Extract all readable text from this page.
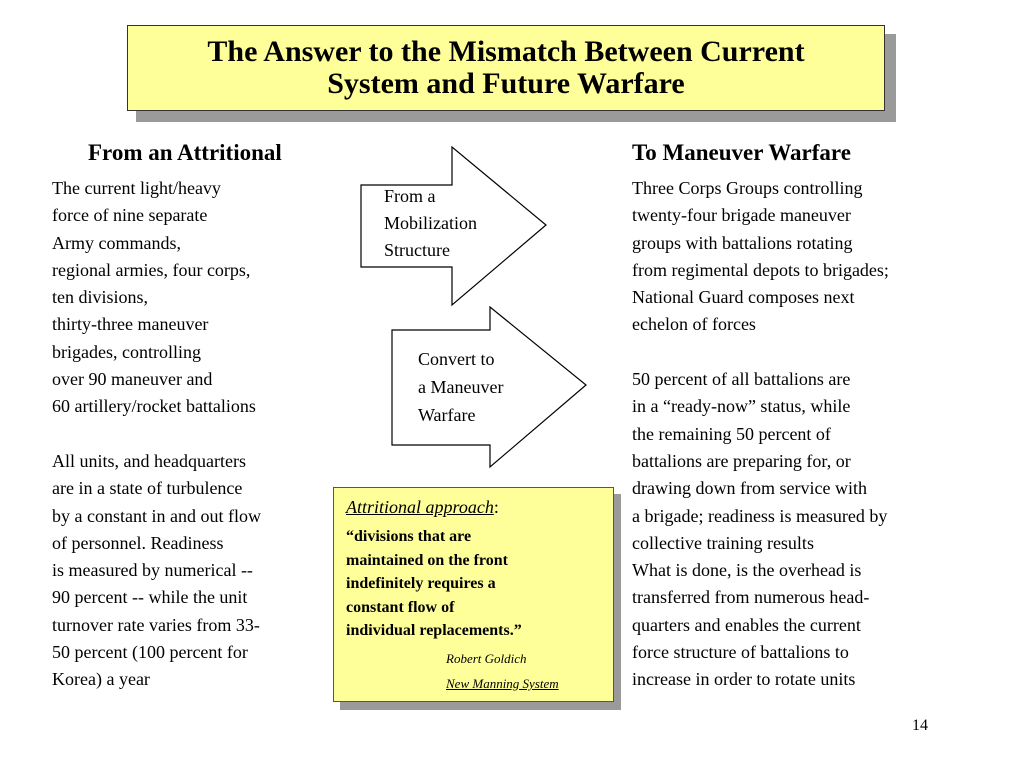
The Answer to the Mismatch Between Current
System and Future Warfare
From an Attritional	To Maneuver Warfare
The current light/heavy
force of nine separate
Army commands,
regional armies, four corps,
ten divisions,
thirty-three maneuver
brigades, controlling
over 90 maneuver and
60 artillery/rocket battalions

All units, and headquarters
are in a state of turbulence
by a constant in and out flow
of personnel. Readiness
is measured by numerical --
90 percent -- while the unit
turnover rate varies from 33-
50 percent (100 percent for
Korea) a year
Three Corps Groups controlling
twenty-four brigade maneuver
groups with battalions rotating
from regimental depots to brigades;
National Guard composes next
echelon of forces

50 percent of all battalions are
in a “ready-now” status, while
the remaining 50 percent of
battalions are preparing for, or
drawing down from service with
a brigade; readiness is measured by
collective training results
What is done, is the overhead is
transferred from numerous head-
quarters and enables the current
force structure of battalions to
increase in order to rotate units
From a
Mobilization
Structure
Convert to
a Maneuver
Warfare
Attritional approach:
“divisions that are
maintained on the front
indefinitely requires a
constant flow of
individual replacements.”
Robert Goldich
New Manning System
14
